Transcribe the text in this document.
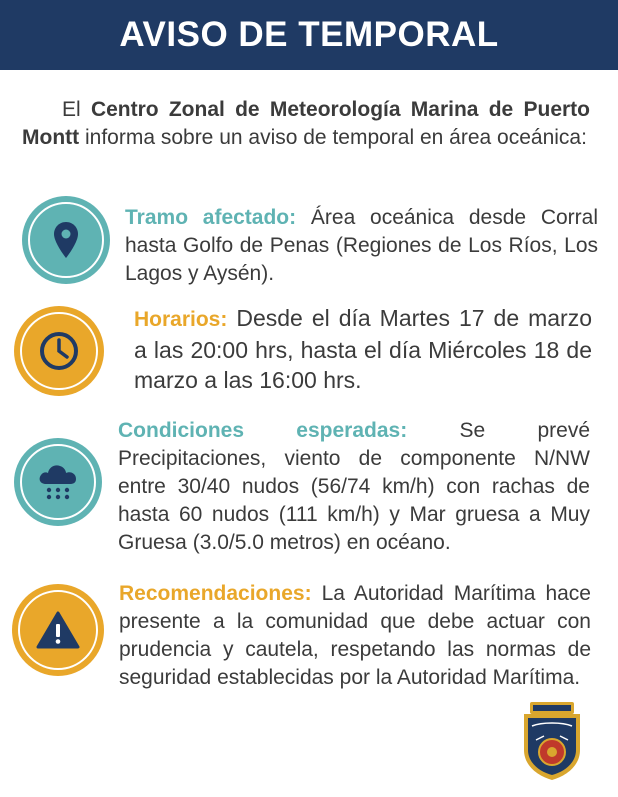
AVISO DE TEMPORAL

El Centro Zonal de Meteorología Marina de Puerto Montt informa sobre un aviso de temporal en área oceánica:

Tramo afectado: Área oceánica desde Corral hasta Golfo de Penas (Regiones de Los Ríos, Los Lagos y Aysén).

Horarios: Desde el día Martes 17 de marzo a las 20:00 hrs, hasta el día Miércoles 18 de marzo a las 16:00 hrs.

Condiciones esperadas: Se prevé Precipitaciones, viento de componente N/NW entre 30/40 nudos (56/74 km/h) con rachas de hasta 60 nudos (111 km/h) y Mar gruesa a Muy Gruesa (3.0/5.0 metros) en océano.

Recomendaciones: La Autoridad Marítima hace presente a la comunidad que debe actuar con prudencia y cautela, respetando las normas de seguridad establecidas por la Autoridad Marítima.
